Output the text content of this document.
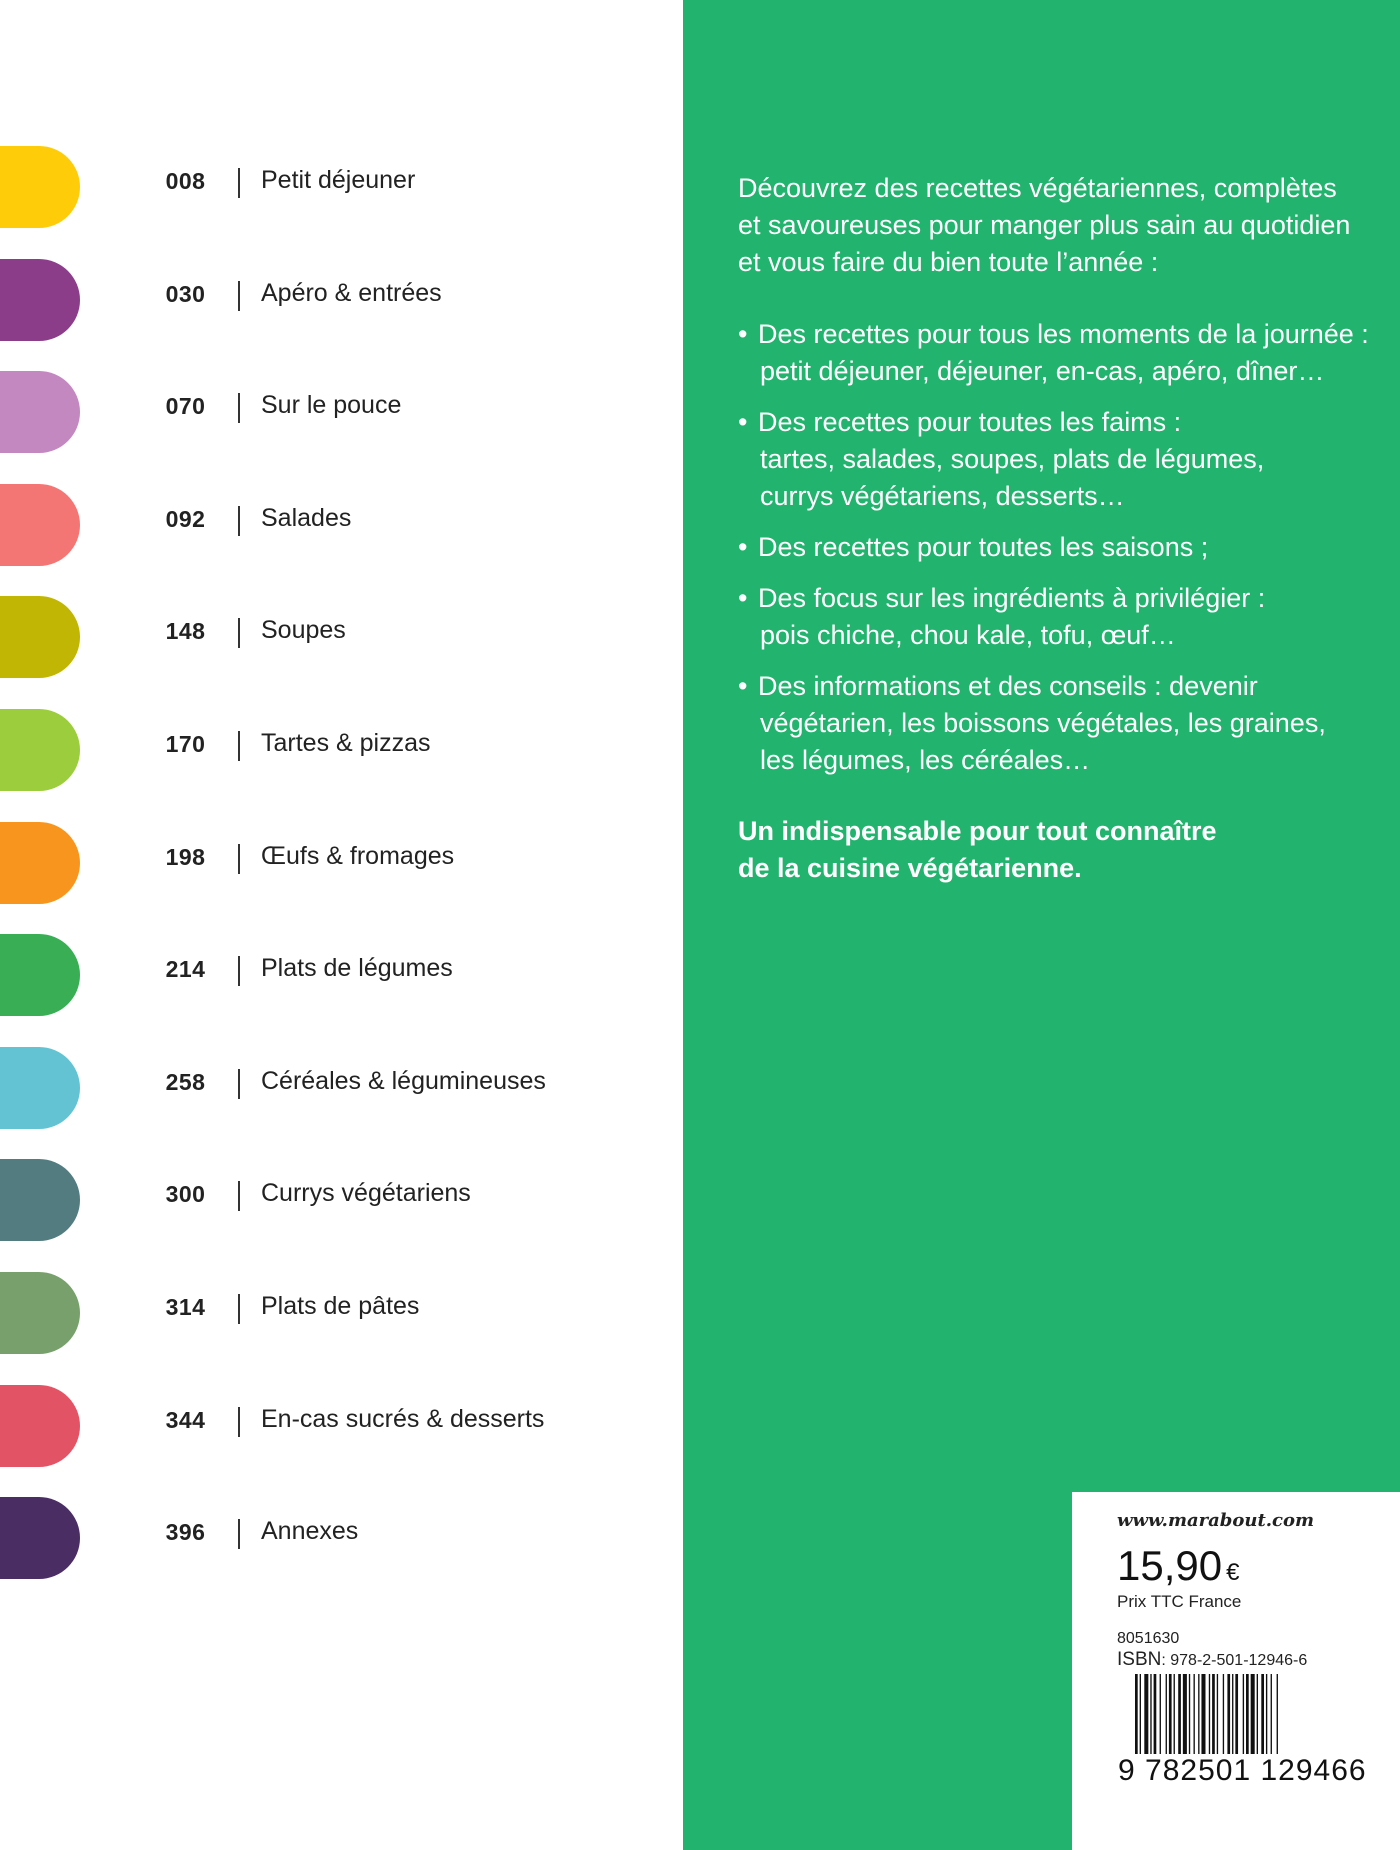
008	Petit déjeuner
030	Apéro & entrées
070	Sur le pouce
092	Salades
148	Soupes
170	Tartes & pizzas
198	Œufs & fromages
214	Plats de légumes
258	Céréales & légumineuses
300	Currys végétariens
314	Plats de pâtes
344	En-cas sucrés & desserts
396	Annexes
Découvrez des recettes végétariennes, complètes
et savoureuses pour manger plus sain au quotidien
et vous faire du bien toute l’année :
• Des recettes pour tous les moments de la journée :
petit déjeuner, déjeuner, en-cas, apéro, dîner…
• Des recettes pour toutes les faims :
tartes, salades, soupes, plats de légumes,
currys végétariens, desserts…
• Des recettes pour toutes les saisons ;
• Des focus sur les ingrédients à privilégier :
pois chiche, chou kale, tofu, œuf…
• Des informations et des conseils : devenir
végétarien, les boissons végétales, les graines,
les légumes, les céréales…
Un indispensable pour tout connaître
de la cuisine végétarienne.
www.marabout.com
15,90 €
Prix TTC France
8051630
ISBN: 978-2-501-12946-6
9 782501 129466
